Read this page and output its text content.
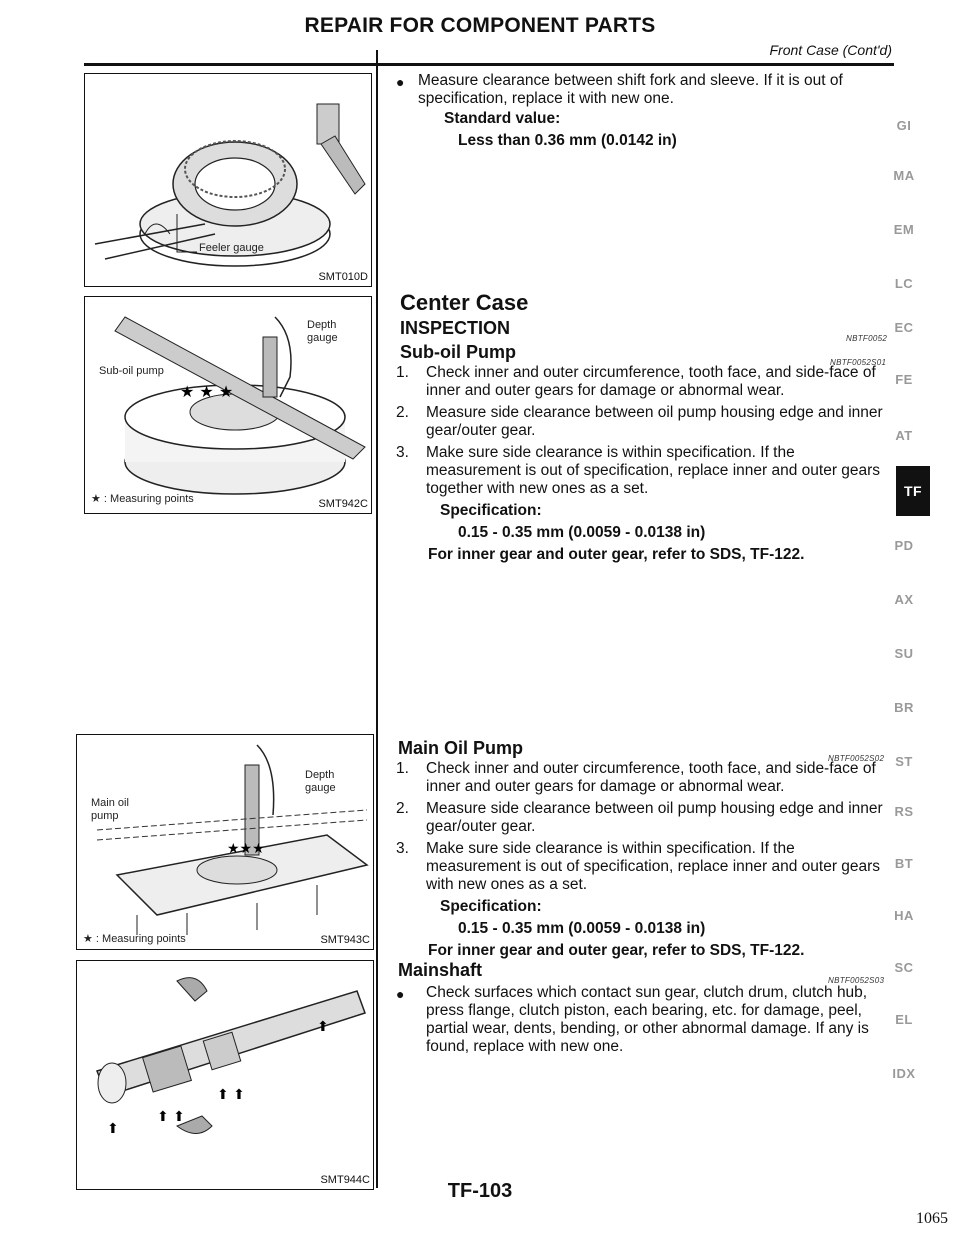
REPAIR FOR COMPONENT PARTS
Front Case (Cont'd)
Feeler gauge
SMT010D
★ ★ ★
Depth gauge
Sub-oil pump
★ : Measuring points	SMT942C
★★★
Depth gauge
Main oil pump
★ : Measuring points	SMT943C
⬆
⬆ ⬆
⬆ ⬆
⬆
SMT944C
● Measure clearance between shift fork and sleeve. If it is out of specification, replace it with new one.
Standard value:
Less than 0.36 mm (0.0142 in)
Center Case
INSPECTION
NBTF0052
Sub-oil Pump
NBTF0052S01
1. Check inner and outer circumference, tooth face, and side-face of inner and outer gears for damage or abnormal wear.
2. Measure side clearance between oil pump housing edge and inner gear/outer gear.
3. Make sure side clearance is within specification. If the measurement is out of specification, replace inner and outer gears together with new ones as a set.
Specification:
0.15 - 0.35 mm (0.0059 - 0.0138 in)
For inner gear and outer gear, refer to SDS, TF-122.
Main Oil Pump
NBTF0052S02
1. Check inner and outer circumference, tooth face, and side-face of inner and outer gears for damage or abnormal wear.
2. Measure side clearance between oil pump housing edge and inner gear/outer gear.
3. Make sure side clearance is within specification. If the measurement is out of specification, replace inner and outer gears with new ones as a set.
Specification:
0.15 - 0.35 mm (0.0059 - 0.0138 in)
For inner gear and outer gear, refer to SDS, TF-122.
Mainshaft
NBTF0052S03
● Check surfaces which contact sun gear, clutch drum, clutch hub, press flange, clutch piston, each bearing, etc. for damage, peel, partial wear, dents, bending, or other abnormal damage. If any is found, replace with new one.
GI
MA
EM
LC
EC
FE
AT
TF
PD
AX
SU
BR
ST
RS
BT
HA
SC
EL
IDX
TF-103
1065
